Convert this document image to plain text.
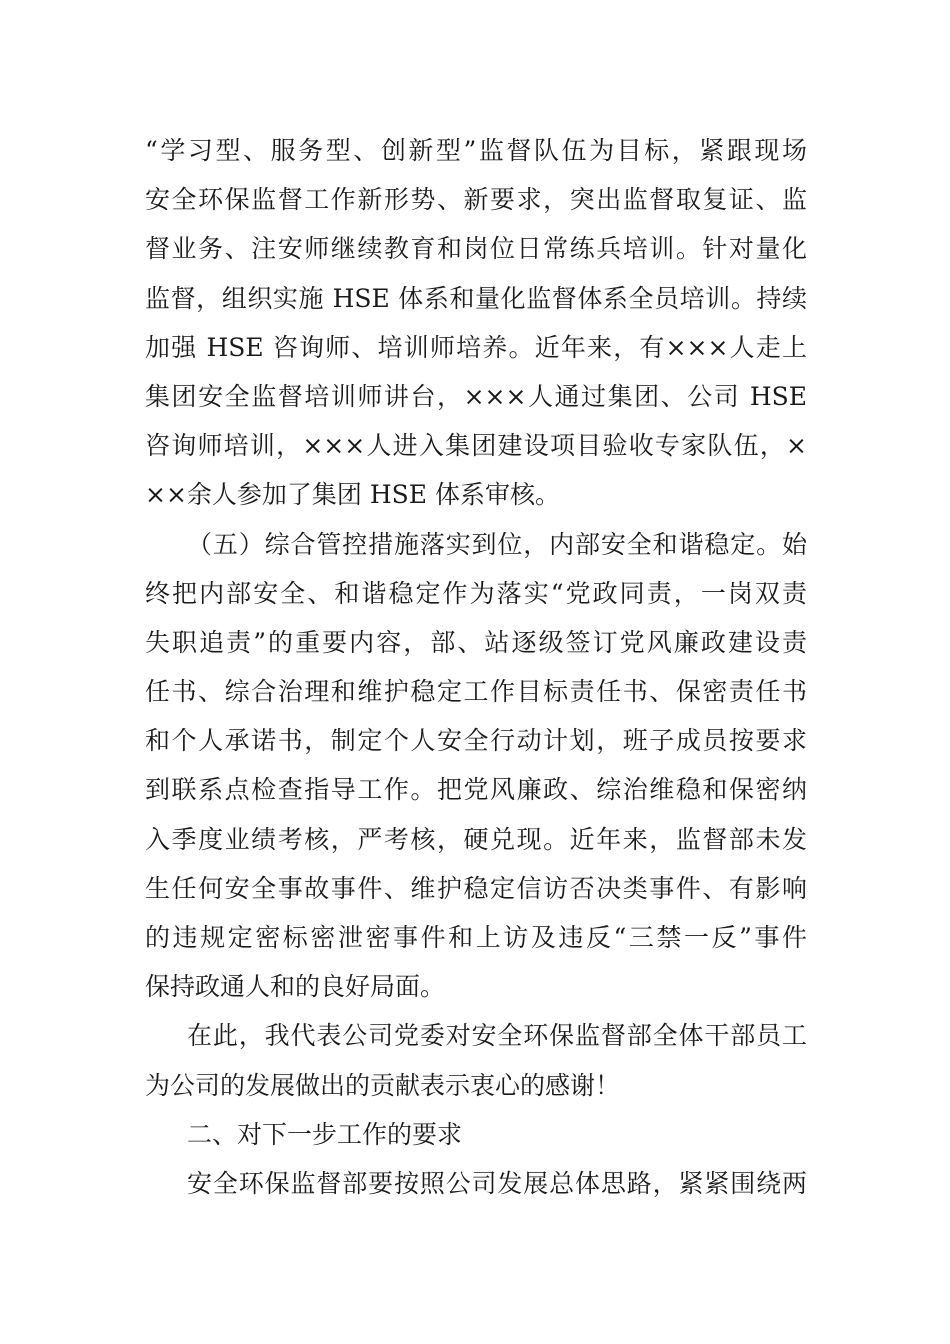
“学习型、服务型、创新型”监督队伍为目标，紧跟现场
安全环保监督工作新形势、新要求，突出监督取复证、监
督业务、注安师继续教育和岗位日常练兵培训。针对量化
监督，组织实施 HSE 体系和量化监督体系全员培训。持续
加强 HSE 咨询师、培训师培养。近年来，有×××人走上
集团安全监督培训师讲台，×××人通过集团、公司 HSE
咨询师培训，×××人进入集团建设项目验收专家队伍，×
××余人参加了集团 HSE 体系审核。
（五）综合管控措施落实到位，内部安全和谐稳定。始
终把内部安全、和谐稳定作为落实“党政同责，一岗双责
失职追责”的重要内容，部、站逐级签订党风廉政建设责
任书、综合治理和维护稳定工作目标责任书、保密责任书
和个人承诺书，制定个人安全行动计划，班子成员按要求
到联系点检查指导工作。把党风廉政、综治维稳和保密纳
入季度业绩考核，严考核，硬兑现。近年来，监督部未发
生任何安全事故事件、维护稳定信访否决类事件、有影响
的违规定密标密泄密事件和上访及违反“三禁一反”事件
保持政通人和的良好局面。
在此，我代表公司党委对安全环保监督部全体干部员工
为公司的发展做出的贡献表示衷心的感谢！
二、对下一步工作的要求
安全环保监督部要按照公司发展总体思路，紧紧围绕两
